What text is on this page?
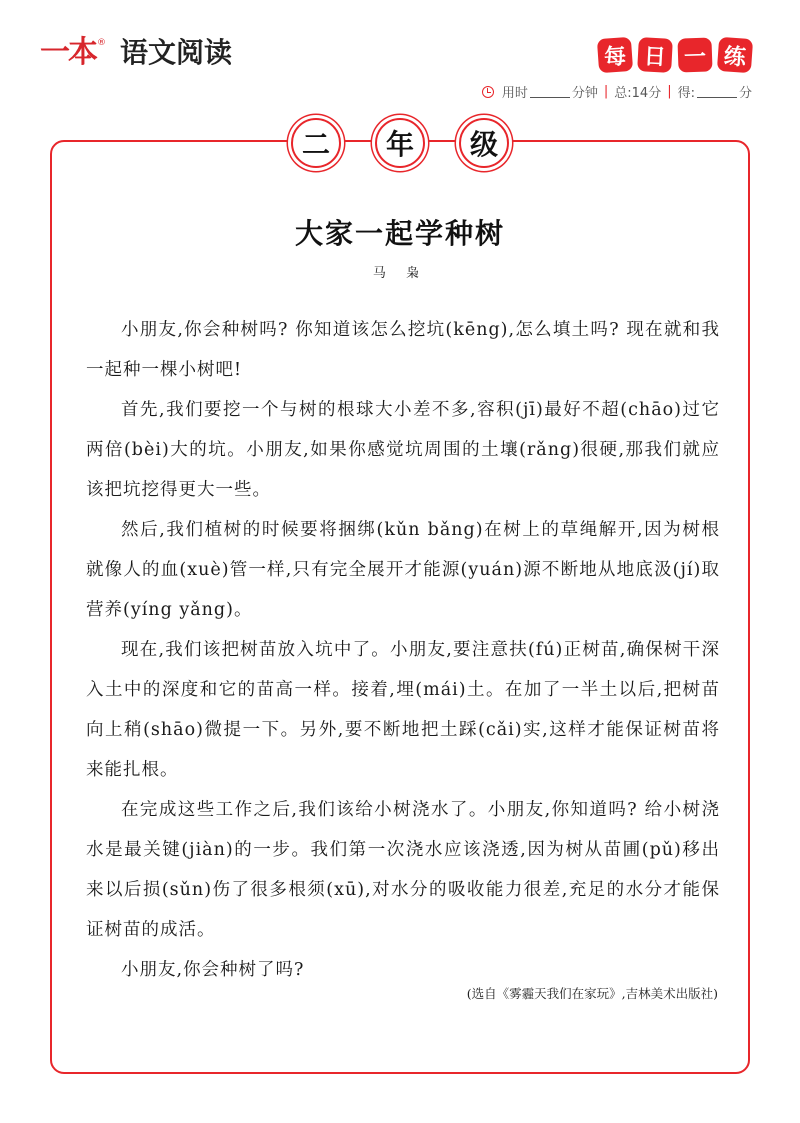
一本 ® 语文阅读	每 日 一 练
用时	分钟 | 总:14分 | 得:	分
二	年	级
大家一起学种树
马 枭

小朋友,你会种树吗? 你知道该怎么挖坑(kēng),怎么填土吗? 现在就和我一起种一棵小树吧!

首先,我们要挖一个与树的根球大小差不多,容积(jī)最好不超(chāo)过它两倍(bèi)大的坑。小朋友,如果你感觉坑周围的土壤(rǎng)很硬,那我们就应该把坑挖得更大一些。

然后,我们植树的时候要将捆绑(kǔn bǎng)在树上的草绳解开,因为树根就像人的血(xuè)管一样,只有完全展开才能源(yuán)源不断地从地底汲(jí)取营养(yíng yǎng)。

现在,我们该把树苗放入坑中了。小朋友,要注意扶(fú)正树苗,确保树干深入土中的深度和它的苗高一样。接着,埋(mái)土。在加了一半土以后,把树苗向上稍(shāo)微提一下。另外,要不断地把土踩(cǎi)实,这样才能保证树苗将来能扎根。

在完成这些工作之后,我们该给小树浇水了。小朋友,你知道吗? 给小树浇水是最关键(jiàn)的一步。我们第一次浇水应该浇透,因为树从苗圃(pǔ)移出来以后损(sǔn)伤了很多根须(xū),对水分的吸收能力很差,充足的水分才能保证树苗的成活。

小朋友,你会种树了吗?

(选自《雾霾天我们在家玩》,吉林美术出版社)
